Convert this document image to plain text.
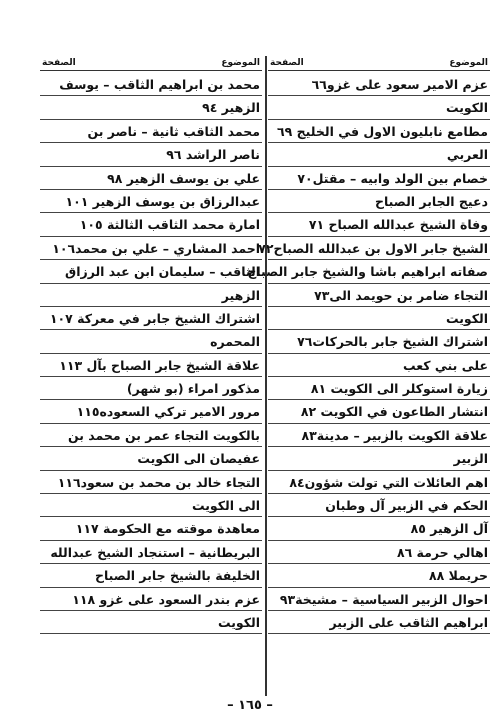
الموضوع
الصفحة
عزم الامير سعود على غزو٦٦
الكويت
مطامع نابليون الاول في الخليج ٦٩
العربي
خصام بين الولد وابيه – مقتل٧٠
دعيج الجابر الصباح
وفاة الشيخ عبدالله الصباح ٧١
الشيخ جابر الاول بن عبدالله الصباح٧٢
صفاته ابراهيم باشا والشيخ جابر الصباح
التجاء ضامر بن حويمد الى٧٣
الكويت
اشتراك الشيخ جابر بالحركات٧٦
على بني كعب
زيارة استوكلر الى الكويت ٨١
انتشار الطاعون في الكويت ٨٢
علاقة الكويت بالزبير – مدينة٨٣
الزبير
اهم العائلات التي تولت شؤون٨٤
الحكم في الزبير آل وطبان
آل الزهير ٨٥
اهالي حرمة ٨٦
حريملا ٨٨
احوال الزبير السياسية – مشيخة٩٣
ابراهيم الثاقب على الزبير
الموضوع
الصفحة
محمد بن ابراهيم الثاقب – يوسف
الزهير ٩٤
محمد الثاقب ثانية – ناصر بن
ناصر الراشد ٩٦
علي بن يوسف الزهير ٩٨
عبدالرزاق بن يوسف الزهير ١٠١
امارة محمد الثاقب الثالثة ١٠٥
احمد المشاري – علي بن محمد١٠٦
الثاقب – سليمان ابن عبد الرزاق
الزهير
اشتراك الشيخ جابر في معركة ١٠٧
المحمره
علاقة الشيخ جابر الصباح بآل ١١٣
مذكور امراء (بو شهر)
مرور الامير تركي السعوده١١٥
بالكويت التجاء عمر بن محمد بن
عفيصان الى الكويت
التجاء خالد بن محمد بن سعود١١٦
الى الكويت
معاهدة موقته مع الحكومة ١١٧
البريطانية – استنجاد الشيخ عبدالله
الخليفة بالشيخ جابر الصباح
عزم بندر السعود على غزو ١١٨
الكويت
– ١٦٥ –
